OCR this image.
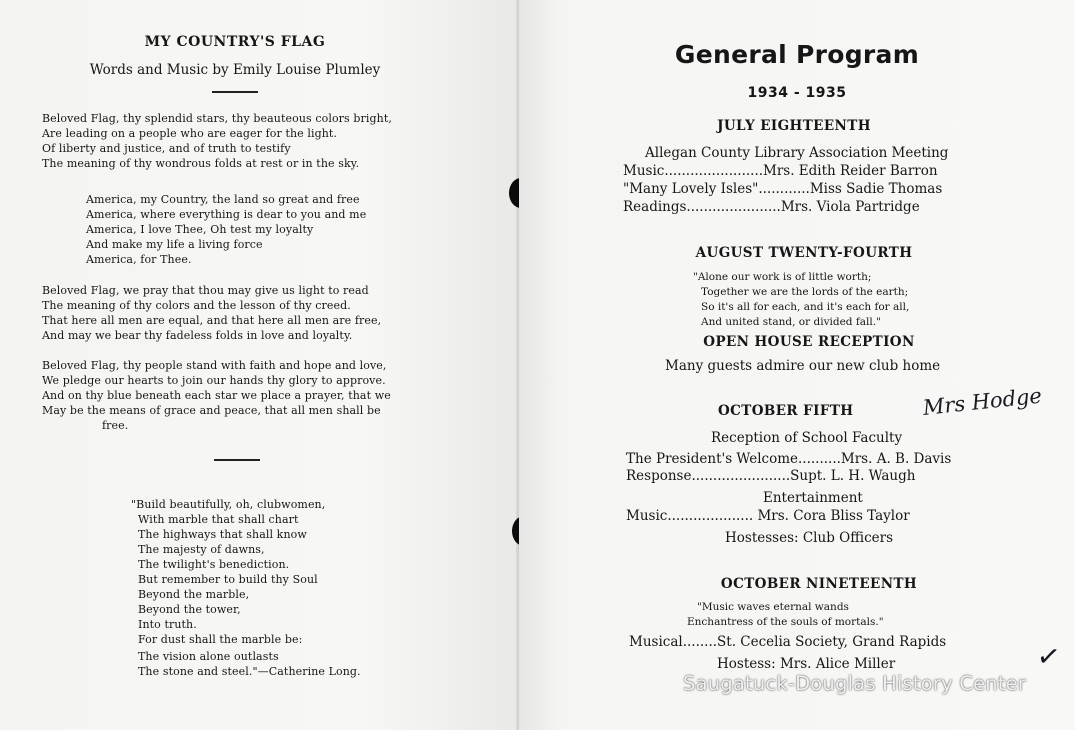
MY COUNTRY'S FLAG
Words and Music by Emily Louise Plumley
Beloved Flag, thy splendid stars, thy beauteous colors bright,
Are leading on a people who are eager for the light.
Of liberty and justice, and of truth to testify
The meaning of thy wondrous folds at rest or in the sky.
America, my Country, the land so great and free
America, where everything is dear to you and me
America, I love Thee, Oh test my loyalty
And make my life a living force
America, for Thee.
Beloved Flag, we pray that thou may give us light to read
The meaning of thy colors and the lesson of thy creed.
That here all men are equal, and that here all men are free,
And may we bear thy fadeless folds in love and loyalty.
Beloved Flag, thy people stand with faith and hope and love,
We pledge our hearts to join our hands thy glory to approve.
And on thy blue beneath each star we place a prayer, that we
May be the means of grace and peace, that all men shall be
free.
"Build beautifully, oh, clubwomen,
With marble that shall chart
The highways that shall know
The majesty of dawns,
The twilight's benediction.
But remember to build thy Soul
Beyond the marble,
Beyond the tower,
Into truth.
For dust shall the marble be:
The vision alone outlasts
The stone and steel."—Catherine Long.
General Program
1934 - 1935
JULY EIGHTEENTH
Allegan County Library Association Meeting
Music.......................Mrs. Edith Reider Barron
"Many Lovely Isles"............Miss Sadie Thomas
Readings......................Mrs. Viola Partridge
AUGUST TWENTY-FOURTH
"Alone our work is of little worth;
Together we are the lords of the earth;
So it's all for each, and it's each for all,
And united stand, or divided fall."
OPEN HOUSE RECEPTION
Many guests admire our new club home
OCTOBER FIFTH	Mrs Hodge
Reception of School Faculty
The President's Welcome..........Mrs. A. B. Davis
Response.......................Supt. L. H. Waugh
Entertainment
Music.................... Mrs. Cora Bliss Taylor
Hostesses: Club Officers
OCTOBER NINETEENTH
"Music waves eternal wands
Enchantress of the souls of mortals."
Musical........St. Cecelia Society, Grand Rapids
Hostess: Mrs. Alice Miller	✓
Saugatuck-Douglas History Center
